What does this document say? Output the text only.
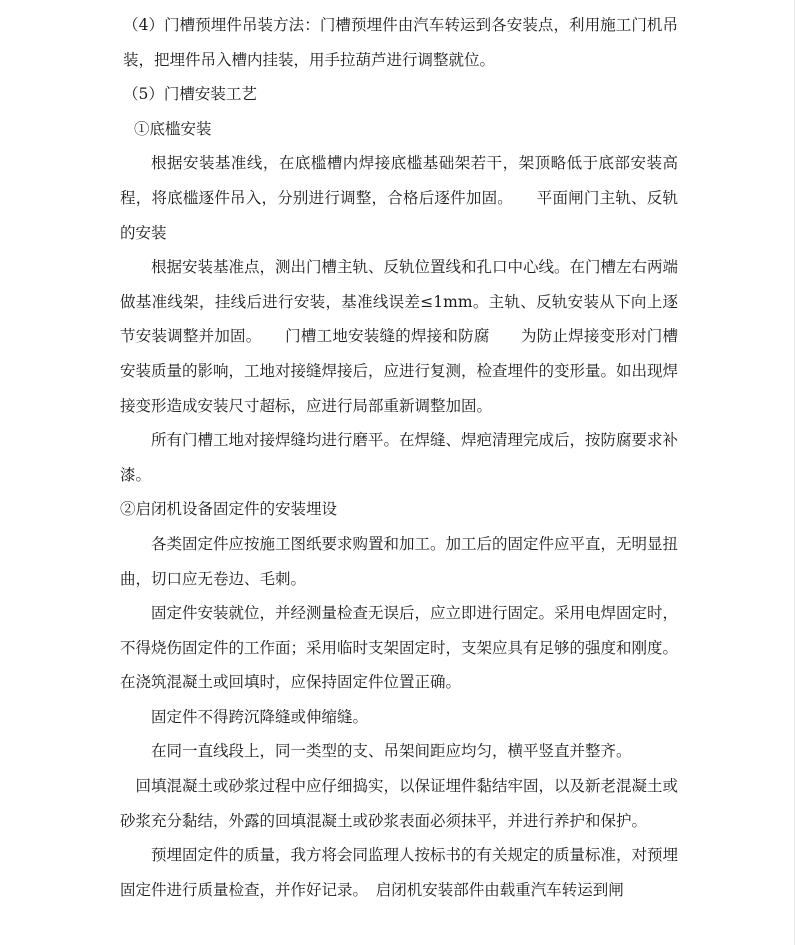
（4）门槽预埋件吊装方法：门槽预埋件由汽车转运到各安装点，利用施工门机吊装，把埋件吊入槽内挂装，用手拉葫芦进行调整就位。

（5）门槽安装工艺

①底槛安装

根据安装基准线，在底槛槽内焊接底槛基础架若干，架顶略低于底部安装高程，将底槛逐件吊入，分别进行调整，合格后逐件加固。　　平面闸门主轨、反轨的安装

根据安装基准点，测出门槽主轨、反轨位置线和孔口中心线。在门槽左右两端做基准线架，挂线后进行安装，基准线误差≤1mm。主轨、反轨安装从下向上逐节安装调整并加固。　　门槽工地安装缝的焊接和防腐　　为防止焊接变形对门槽安装质量的影响，工地对接缝焊接后，应进行复测，检查埋件的变形量。如出现焊接变形造成安装尺寸超标，应进行局部重新调整加固。

所有门槽工地对接焊缝均进行磨平。在焊缝、焊疤清理完成后，按防腐要求补漆。

②启闭机设备固定件的安装埋设

各类固定件应按施工图纸要求购置和加工。加工后的固定件应平直，无明显扭曲，切口应无卷边、毛刺。

固定件安装就位，并经测量检查无误后，应立即进行固定。采用电焊固定时，不得烧伤固定件的工作面；采用临时支架固定时，支架应具有足够的强度和刚度。在浇筑混凝土或回填时，应保持固定件位置正确。

固定件不得跨沉降缝或伸缩缝。

在同一直线段上，同一类型的支、吊架间距应均匀，横平竖直并整齐。

回填混凝土或砂浆过程中应仔细捣实，以保证埋件黏结牢固，以及新老混凝土或砂浆充分黏结，外露的回填混凝土或砂浆表面必须抹平，并进行养护和保护。

预埋固定件的质量，我方将会同监理人按标书的有关规定的质量标准，对预埋固定件进行质量检查，并作好记录。　启闭机安装部件由载重汽车转运到闸
